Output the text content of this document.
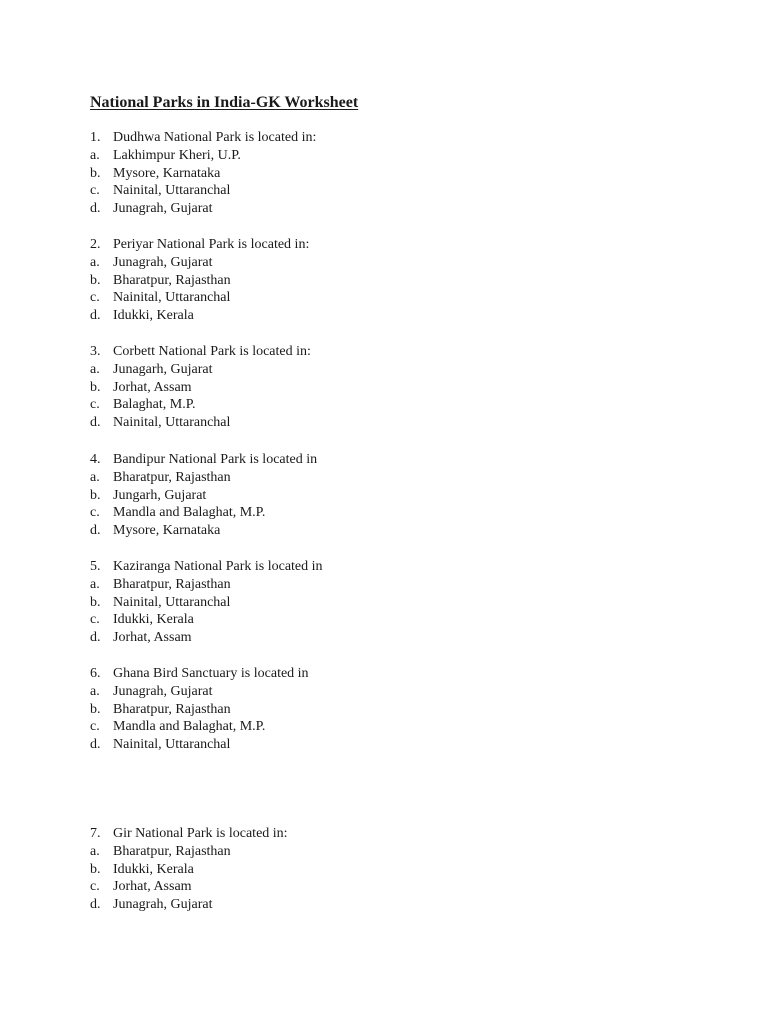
National Parks in India-GK Worksheet
1. Dudhwa National Park is located in:
a. Lakhimpur Kheri, U.P.
b. Mysore, Karnataka
c. Nainital, Uttaranchal
d. Junagrah, Gujarat
2. Periyar National Park is located in:
a. Junagrah, Gujarat
b. Bharatpur, Rajasthan
c. Nainital, Uttaranchal
d. Idukki, Kerala
3. Corbett National Park is located in:
a. Junagarh, Gujarat
b. Jorhat, Assam
c. Balaghat, M.P.
d. Nainital, Uttaranchal
4. Bandipur National Park is located in
a. Bharatpur, Rajasthan
b. Jungarh, Gujarat
c. Mandla and Balaghat, M.P.
d. Mysore, Karnataka
5. Kaziranga National Park is located in
a. Bharatpur, Rajasthan
b. Nainital, Uttaranchal
c. Idukki, Kerala
d. Jorhat, Assam
6. Ghana Bird Sanctuary is located in
a. Junagrah, Gujarat
b. Bharatpur, Rajasthan
c. Mandla and Balaghat, M.P.
d. Nainital, Uttaranchal
7. Gir National Park is located in:
a. Bharatpur, Rajasthan
b. Idukki, Kerala
c. Jorhat, Assam
d. Junagrah, Gujarat
